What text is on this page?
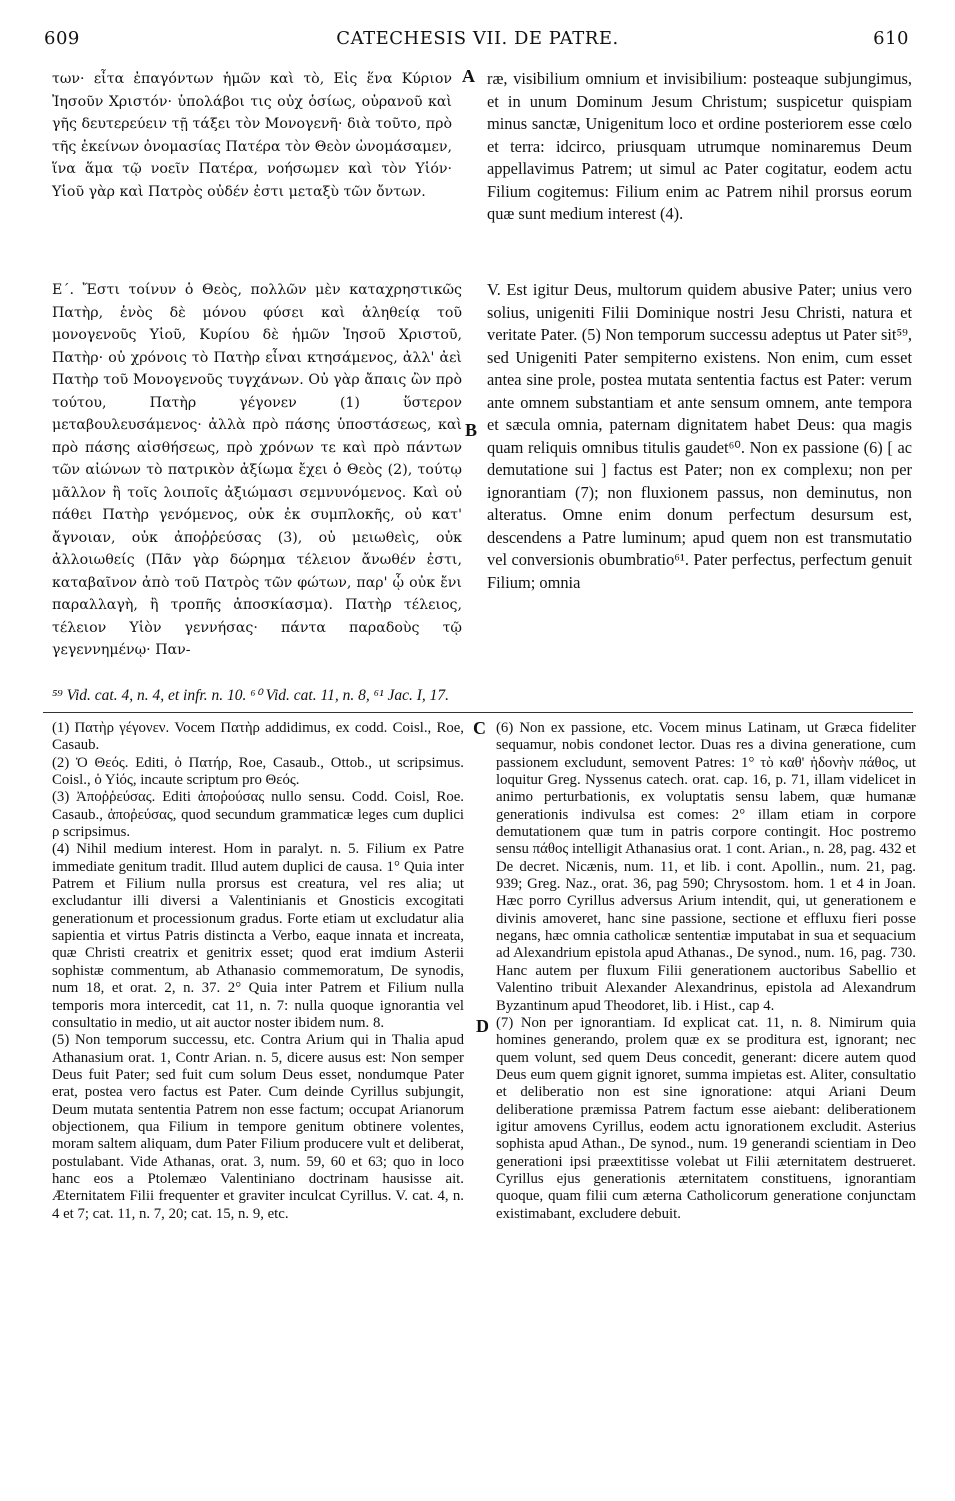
609	CATECHESIS VII. DE PATRE.	610
των· εἶτα ἐπαγόντων ἡμῶν καὶ τὸ, Εἰς ἕνα Κύριον Ἰησοῦν Χριστόν· ὑπολάβοι τις οὐχ ὁσίως, οὐρανοῦ καὶ γῆς δευτερεύειν τῇ τάξει τὸν Μονογενῆ· διὰ τοῦτο, πρὸ τῆς ἐκείνων ὀνομασίας Πατέρα τὸν Θεὸν ὠνομάσαμεν, ἵνα ἅμα τῷ νοεῖν Πατέρα, νοήσωμεν καὶ τὸν Υἱόν· Υἱοῦ γὰρ καὶ Πατρὸς οὐδέν ἐστι μεταξὺ τῶν ὄντων.
Ε΄. Ἔστι τοίνυν ὁ Θεὸς, πολλῶν μὲν καταχρηστικῶς Πατὴρ, ἑνὸς δὲ μόνου φύσει καὶ ἀληθείᾳ τοῦ μονογενοῦς Υἱοῦ, Κυρίου δὲ ἡμῶν Ἰησοῦ Χριστοῦ, Πατὴρ· οὐ χρόνοις τὸ Πατὴρ εἶναι κτησάμενος, ἀλλ' ἀεὶ Πατὴρ τοῦ Μονογενοῦς τυγχάνων. Οὐ γὰρ ἄπαις ὢν πρὸ τούτου, Πατὴρ γέγονεν (1) ὕστερον μεταβουλευσάμενος· ἀλλὰ πρὸ πάσης ὑποστάσεως, καὶ πρὸ πάσης αἰσθήσεως, πρὸ χρόνων τε καὶ πρὸ πάντων τῶν αἰώνων τὸ πατρικὸν ἀξίωμα ἔχει ὁ Θεὸς (2), τούτῳ μᾶλλον ἢ τοῖς λοιποῖς ἀξιώμασι σεμνυνόμενος. Καὶ οὐ πάθει Πατὴρ γενόμενος, οὐκ ἐκ συμπλοκῆς, οὐ κατ' ἄγνοιαν, οὐκ ἀποῤῥεύσας (3), οὐ μειωθεὶς, οὐκ ἀλλοιωθείς (Πᾶν γὰρ δώρημα τέλειον ἄνωθέν ἐστι, καταβαῖνον ἀπὸ τοῦ Πατρὸς τῶν φώτων, παρ' ᾧ οὐκ ἔνι παραλλαγὴ, ἢ τροπῆς ἀποσκίασμα). Πατὴρ τέλειος, τέλειον Υἱὸν γεννήσας· πάντα παραδοὺς τῷ γεγεννημένῳ· Παν-
ræ, visibilium omnium et invisibilium: posteaque subjungimus, et in unum Dominum Jesum Christum; suspicetur quispiam minus sanctæ, Unigenitum loco et ordine posteriorem esse cœlo et terra: idcirco, priusquam utrumque nominaremus Deum appellavimus Patrem; ut simul ac Pater cogitatur, eodem actu Filium cogitemus: Filium enim ac Patrem nihil prorsus eorum quæ sunt medium interest (4).
V. Est igitur Deus, multorum quidem abusive Pater; unius vero solius, unigeniti Filii Dominique nostri Jesu Christi, natura et veritate Pater. (5) Non temporum successu adeptus ut Pater sit⁵⁹, sed Unigeniti Pater sempiterno existens. Non enim, cum esset antea sine prole, postea mutata sententia factus est Pater: verum ante omnem substantiam et ante sensum omnem, ante tempora et sæcula omnia, paternam dignitatem habet Deus: qua magis quam reliquis omnibus titulis gaudet⁶⁰. Non ex passione (6) [ ac demutatione sui ] factus est Pater; non ex complexu; non per ignorantiam (7); non fluxionem passus, non deminutus, non alteratus. Omne enim donum perfectum desursum est, descendens a Patre luminum; apud quem non est transmutatio vel conversionis obumbratio⁶¹. Pater perfectus, perfectum genuit Filium; omnia
A
B
C
D
⁵⁹ Vid. cat. 4, n. 4, et infr. n. 10. ⁶⁰ Vid. cat. 11, n. 8, ⁶¹ Jac. I, 17.

(1) Πατὴρ γέγονεν. Vocem Πατὴρ addidimus, ex codd. Coisl., Roe, Casaub.

(2) Ὁ Θεός. Editi, ὁ Πατήρ, Roe, Casaub., Ottob., ut scripsimus. Coisl., ὁ Υἱός, incaute scriptum pro Θεός.

(3) Ἀποῤῥεύσας. Editi ἀποῤούσας nullo sensu. Codd. Coisl, Roe. Casaub., ἀποῤεύσας, quod secundum grammaticæ leges cum duplici ρ scripsimus.

(4) Nihil medium interest. Hom in paralyt. n. 5. Filium ex Patre immediate genitum tradit. Illud autem duplici de causa. 1° Quia inter Patrem et Filium nulla prorsus est creatura, vel res alia; ut excludantur illi diversi a Valentinianis et Gnosticis excogitati generationum et processionum gradus. Forte etiam ut excludatur alia sapientia et virtus Patris distincta a Verbo, eaque innata et increata, quæ Christi creatrix et genitrix esset; quod erat imdium Asterii sophistæ commentum, ab Athanasio commemoratum, De synodis, num 18, et orat. 2, n. 37. 2° Quia inter Patrem et Filium nulla temporis mora intercedit, cat 11, n. 7: nulla quoque ignorantia vel consultatio in medio, ut ait auctor noster ibidem num. 8.

(5) Non temporum successu, etc. Contra Arium qui in Thalia apud Athanasium orat. 1, Contr Arian. n. 5, dicere ausus est: Non semper Deus fuit Pater; sed fuit cum solum Deus esset, nondumque Pater erat, postea vero factus est Pater. Cum deinde Cyrillus subjungit, Deum mutata sententia Patrem non esse factum; occupat Arianorum objectionem, qua Filium in tempore genitum obtinere volentes, moram saltem aliquam, dum Pater Filium producere vult et deliberat, postulabant. Vide Athanas, orat. 3, num. 59, 60 et 63; quo in loco hanc eos a Ptolemæo Valentiniano doctrinam hausisse ait. Æternitatem Filii frequenter et graviter inculcat Cyrillus. V. cat. 4, n. 4 et 7; cat. 11, n. 7, 20; cat. 15, n. 9, etc.

(6) Non ex passione, etc. Vocem minus Latinam, ut Græca fideliter sequamur, nobis condonet lector. Duas res a divina generatione, cum passionem excludunt, semovent Patres: 1° τὸ καθ' ἡδονὴν πάθος, ut loquitur Greg. Nyssenus catech. orat. cap. 16, p. 71, illam videlicet in animo perturbationis, ex voluptatis sensu labem, quæ humanæ generationis indivulsa est comes: 2° illam etiam in corpore demutationem quæ tum in patris corpore contingit. Hoc postremo sensu πάθος intelligit Athanasius orat. 1 cont. Arian., n. 28, pag. 432 et De decret. Nicænis, num. 11, et lib. i cont. Apollin., num. 21, pag. 939; Greg. Naz., orat. 36, pag 590; Chrysostom. hom. 1 et 4 in Joan. Hæc porro Cyrillus adversus Arium intendit, qui, ut generationem e divinis amoveret, hanc sine passione, sectione et effluxu fieri posse negans, hæc omnia catholicæ sententiæ imputabat in sua et sequacium ad Alexandrium epistola apud Athanas., De synod., num. 16, pag. 730. Hanc autem per fluxum Filii generationem auctoribus Sabellio et Valentino tribuit Alexander Alexandrinus, epistola ad Alexandrum Byzantinum apud Theodoret, lib. i Hist., cap 4.

(7) Non per ignorantiam. Id explicat cat. 11, n. 8. Nimirum quia homines generando, prolem quæ ex se proditura est, ignorant; nec quem volunt, sed quem Deus concedit, generant: dicere autem quod Deus eum quem gignit ignoret, summa impietas est. Aliter, consultatio et deliberatio non est sine ignoratione: atqui Ariani Deum deliberatione præmissa Patrem factum esse aiebant: deliberationem igitur amovens Cyrillus, eodem actu ignorationem excludit. Asterius sophista apud Athan., De synod., num. 19 generandi scientiam in Deo generationi ipsi præextitisse volebat ut Filii æternitatem destrueret. Cyrillus ejus generationis æternitatem constituens, ignorantiam quoque, quam filii cum æterna Catholicorum generatione conjunctam existimabant, excludere debuit.
